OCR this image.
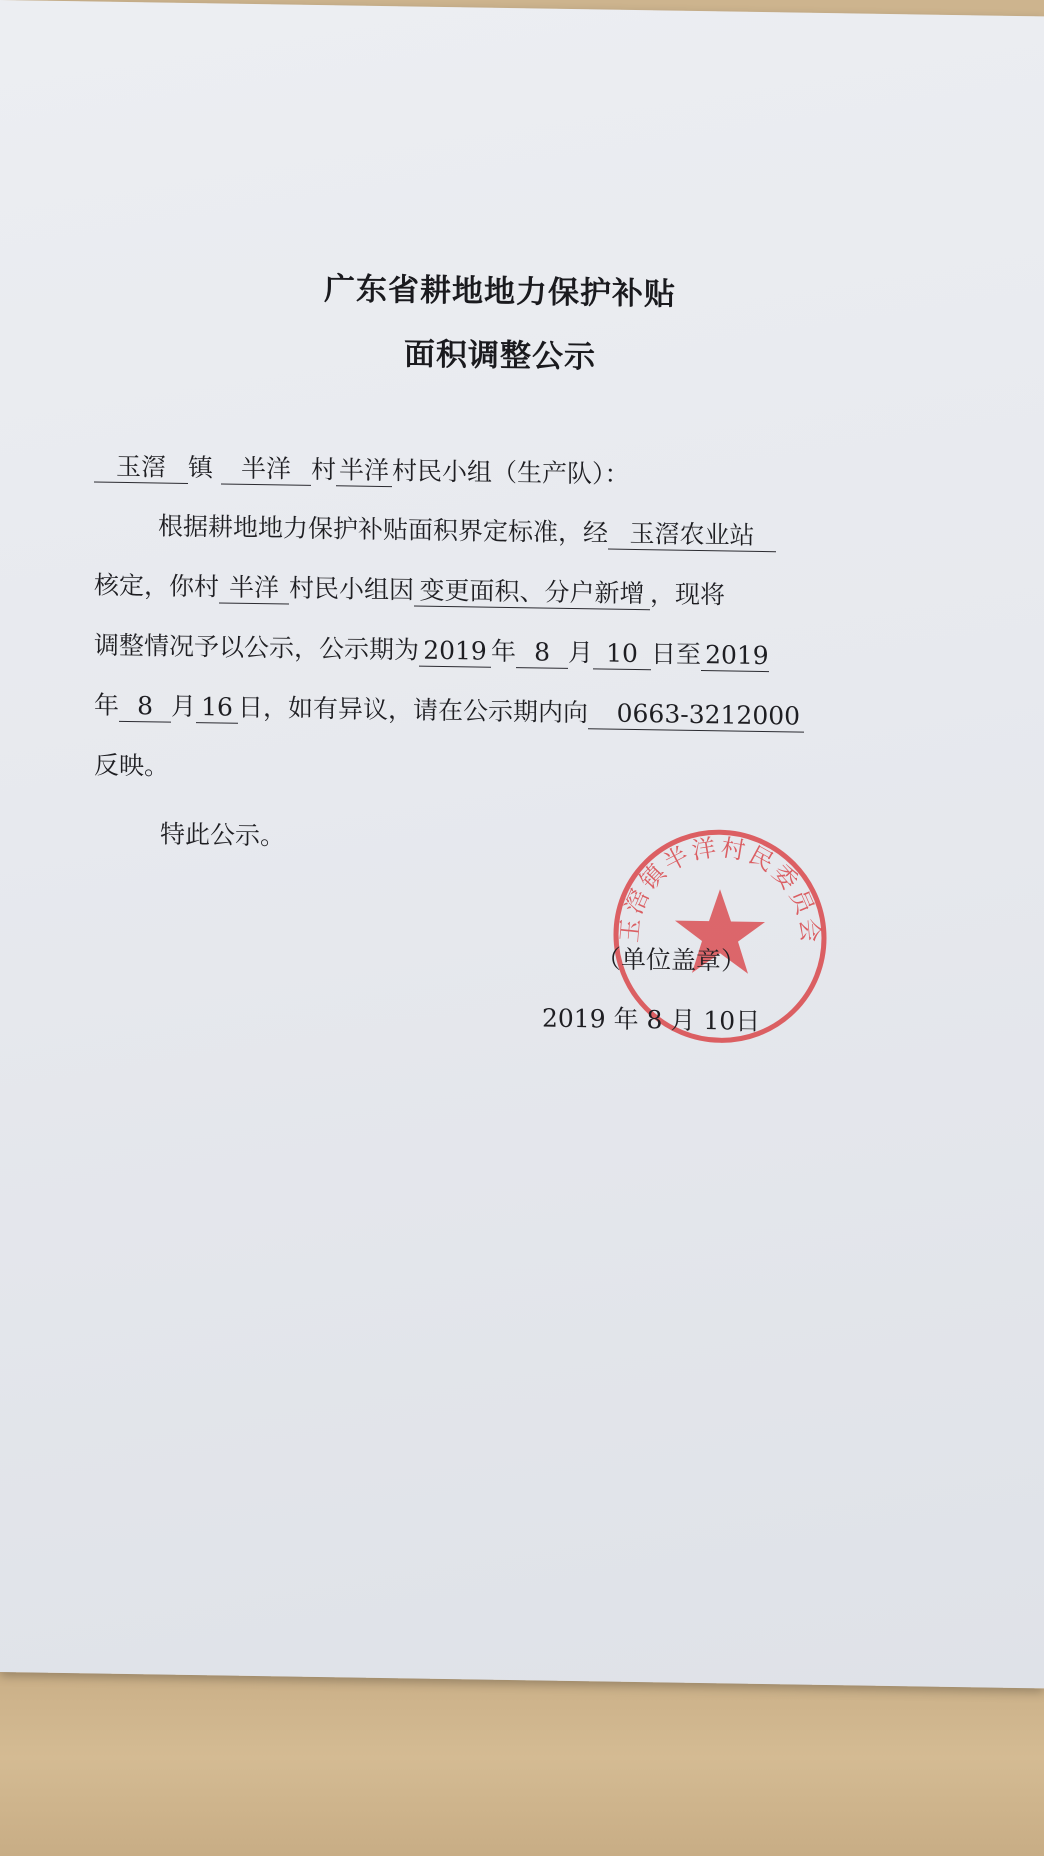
广东省耕地地力保护补贴
面积调整公示
玉滘 镇 半洋 村 半洋 村民小组（生产队）：
根据耕地地力保护补贴面积界定标准，经 玉滘农业站
核定，你村 半洋 村民小组因 变更面积、分户新增 ，现将
调整情况予以公示，公示期为 2019 年 8 月 10 日至 2019
年 8 月 16 日，如有异议，请在公示期内向 0663-3212000
反映。
特此公示。
玉滘镇半洋村民委员会
（单位盖章）
2019 年 8 月 10日
